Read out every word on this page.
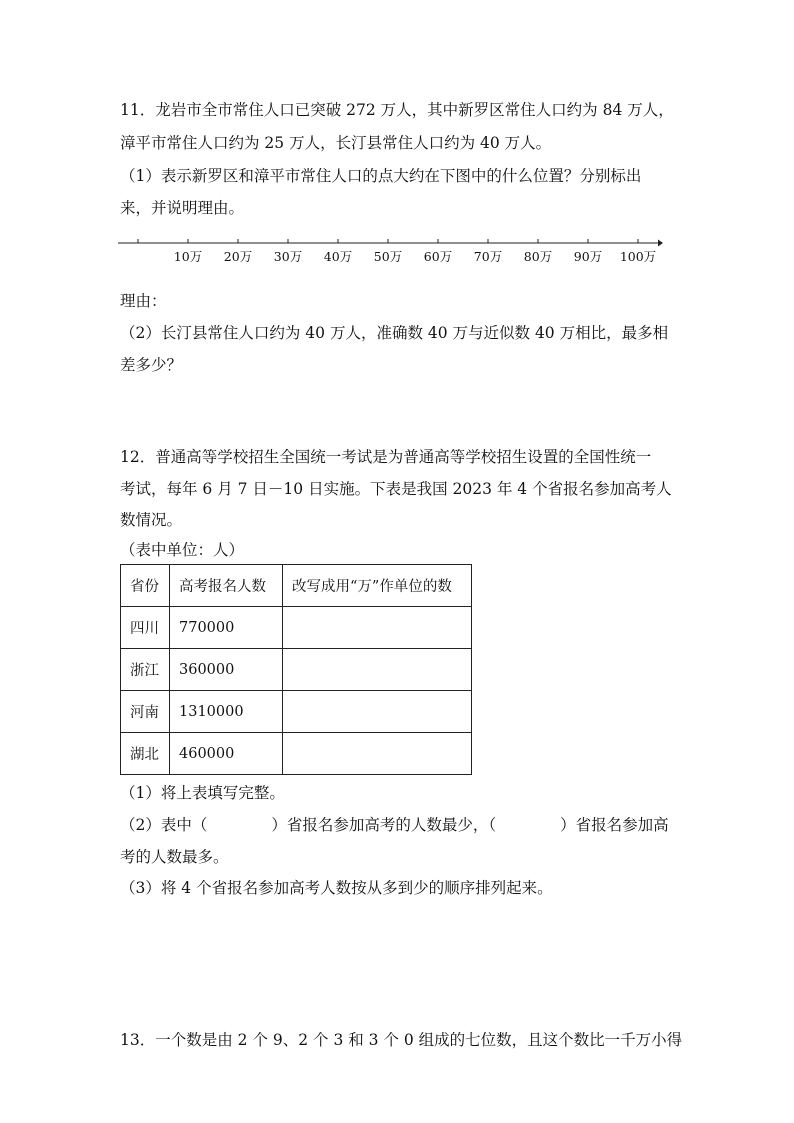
11．龙岩市全市常住人口已突破 272 万人，其中新罗区常住人口约为 84 万人，
漳平市常住人口约为 25 万人，长汀县常住人口约为 40 万人。
（1）表示新罗区和漳平市常住人口的点大约在下图中的什么位置？分别标出
来，并说明理由。
10万 20万 30万 40万 50万 60万 70万 80万 90万 100万
理由：
（2）长汀县常住人口约为 40 万人，准确数 40 万与近似数 40 万相比，最多相
差多少？
12．普通高等学校招生全国统一考试是为普通高等学校招生设置的全国性统一
考试，每年 6 月 7 日－10 日实施。下表是我国 2023 年 4 个省报名参加高考人
数情况。
（表中单位：人）
省份	高考报名人数	改写成用“万”作单位的数
四川	770000	
浙江	360000	
河南	1310000	
湖北	460000	
（1）将上表填写完整。
（2）表中（	）省报名参加高考的人数最少，（	）省报名参加高
考的人数最多。
（3）将 4 个省报名参加高考人数按从多到少的顺序排列起来。
13．一个数是由 2 个 9、2 个 3 和 3 个 0 组成的七位数，且这个数比一千万小得
